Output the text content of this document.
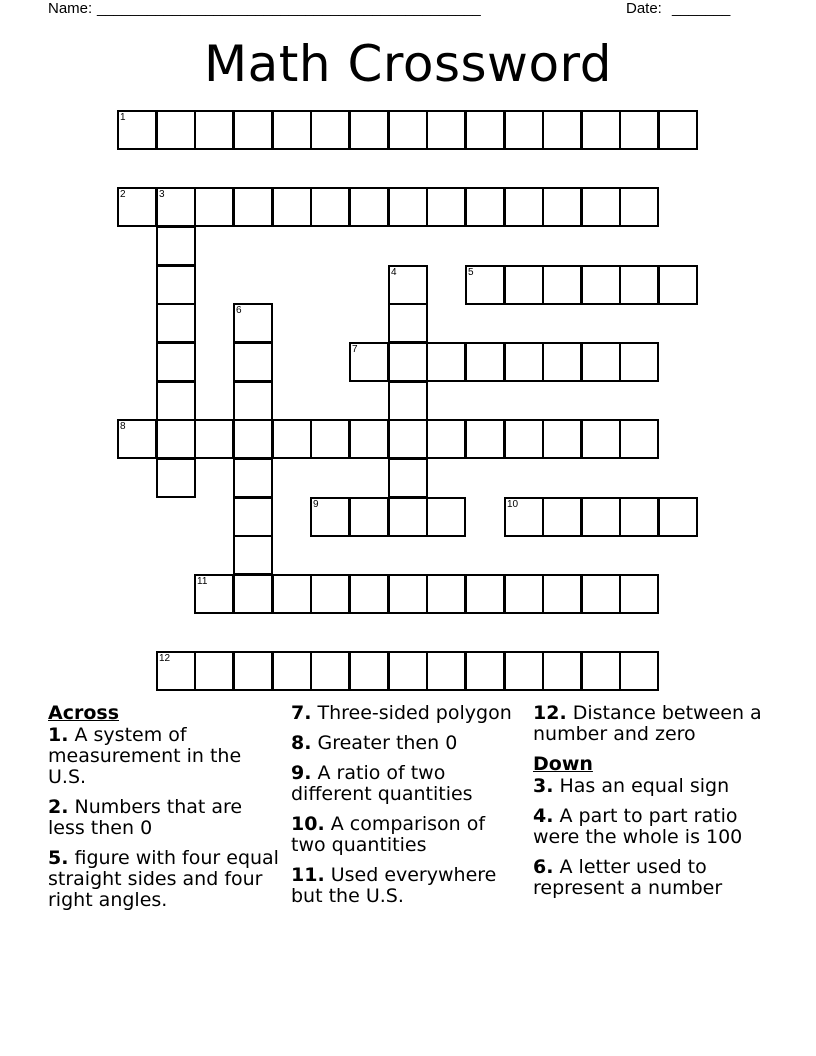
Name: ______________________________________________	Date: _______
Math Crossword
1
2	3
5
7
8
9	10
11
12
4
6
Across
1. A system of measurement in the U.S.
2. Numbers that are less then 0
5. figure with four equal straight sides and four right angles.
7. Three-sided polygon
8. Greater then 0
9. A ratio of two different quantities
10. A comparison of two quantities
11. Used everywhere but the U.S.
12. Distance between a number and zero
Down
3. Has an equal sign
4. A part to part ratio were the whole is 100
6. A letter used to represent a number
